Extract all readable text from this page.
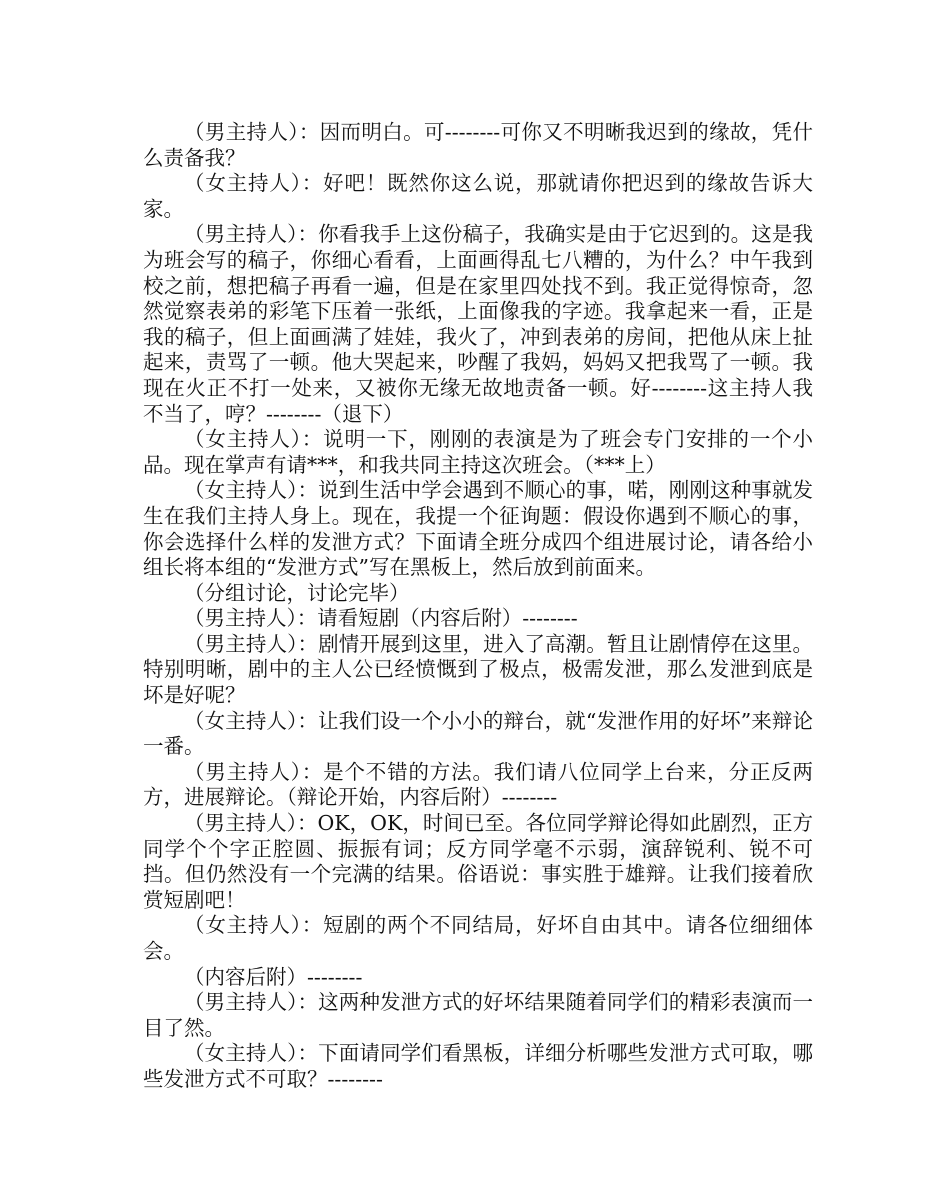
（男主持人）：因而明白。可--------可你又不明晰我迟到的缘故，凭什么责备我？

（女主持人）：好吧！既然你这么说，那就请你把迟到的缘故告诉大家。

（男主持人）：你看我手上这份稿子，我确实是由于它迟到的。这是我为班会写的稿子，你细心看看，上面画得乱七八糟的，为什么？中午我到校之前，想把稿子再看一遍，但是在家里四处找不到。我正觉得惊奇，忽然觉察表弟的彩笔下压着一张纸，上面像我的字迹。我拿起来一看，正是我的稿子，但上面画满了娃娃，我火了，冲到表弟的房间，把他从床上扯起来，责骂了一顿。他大哭起来，吵醒了我妈，妈妈又把我骂了一顿。我现在火正不打一处来，又被你无缘无故地责备一顿。好--------这主持人我不当了，哼？--------（退下）

（女主持人）：说明一下，刚刚的表演是为了班会专门安排的一个小品。现在掌声有请***，和我共同主持这次班会。（***上）

（女主持人）：说到生活中学会遇到不顺心的事，喏，刚刚这种事就发生在我们主持人身上。现在，我提一个征询题：假设你遇到不顺心的事，你会选择什么样的发泄方式？下面请全班分成四个组进展讨论，请各给小组长将本组的“发泄方式”写在黑板上，然后放到前面来。

（分组讨论，讨论完毕）

（男主持人）：请看短剧（内容后附）--------

（男主持人）：剧情开展到这里，进入了高潮。暂且让剧情停在这里。特别明晰，剧中的主人公已经愤慨到了极点，极需发泄，那么发泄到底是坏是好呢？

（女主持人）：让我们设一个小小的辩台，就“发泄作用的好坏”来辩论一番。

（男主持人）：是个不错的方法。我们请八位同学上台来，分正反两方，进展辩论。（辩论开始，内容后附）--------

（男主持人）：OK，OK，时间已至。各位同学辩论得如此剧烈，正方同学个个字正腔圆、振振有词；反方同学毫不示弱，演辞锐利、锐不可挡。但仍然没有一个完满的结果。俗语说：事实胜于雄辩。让我们接着欣赏短剧吧！

（女主持人）：短剧的两个不同结局，好坏自由其中。请各位细细体会。

（内容后附）--------

（男主持人）：这两种发泄方式的好坏结果随着同学们的精彩表演而一目了然。

（女主持人）：下面请同学们看黑板，详细分析哪些发泄方式可取，哪些发泄方式不可取？--------
